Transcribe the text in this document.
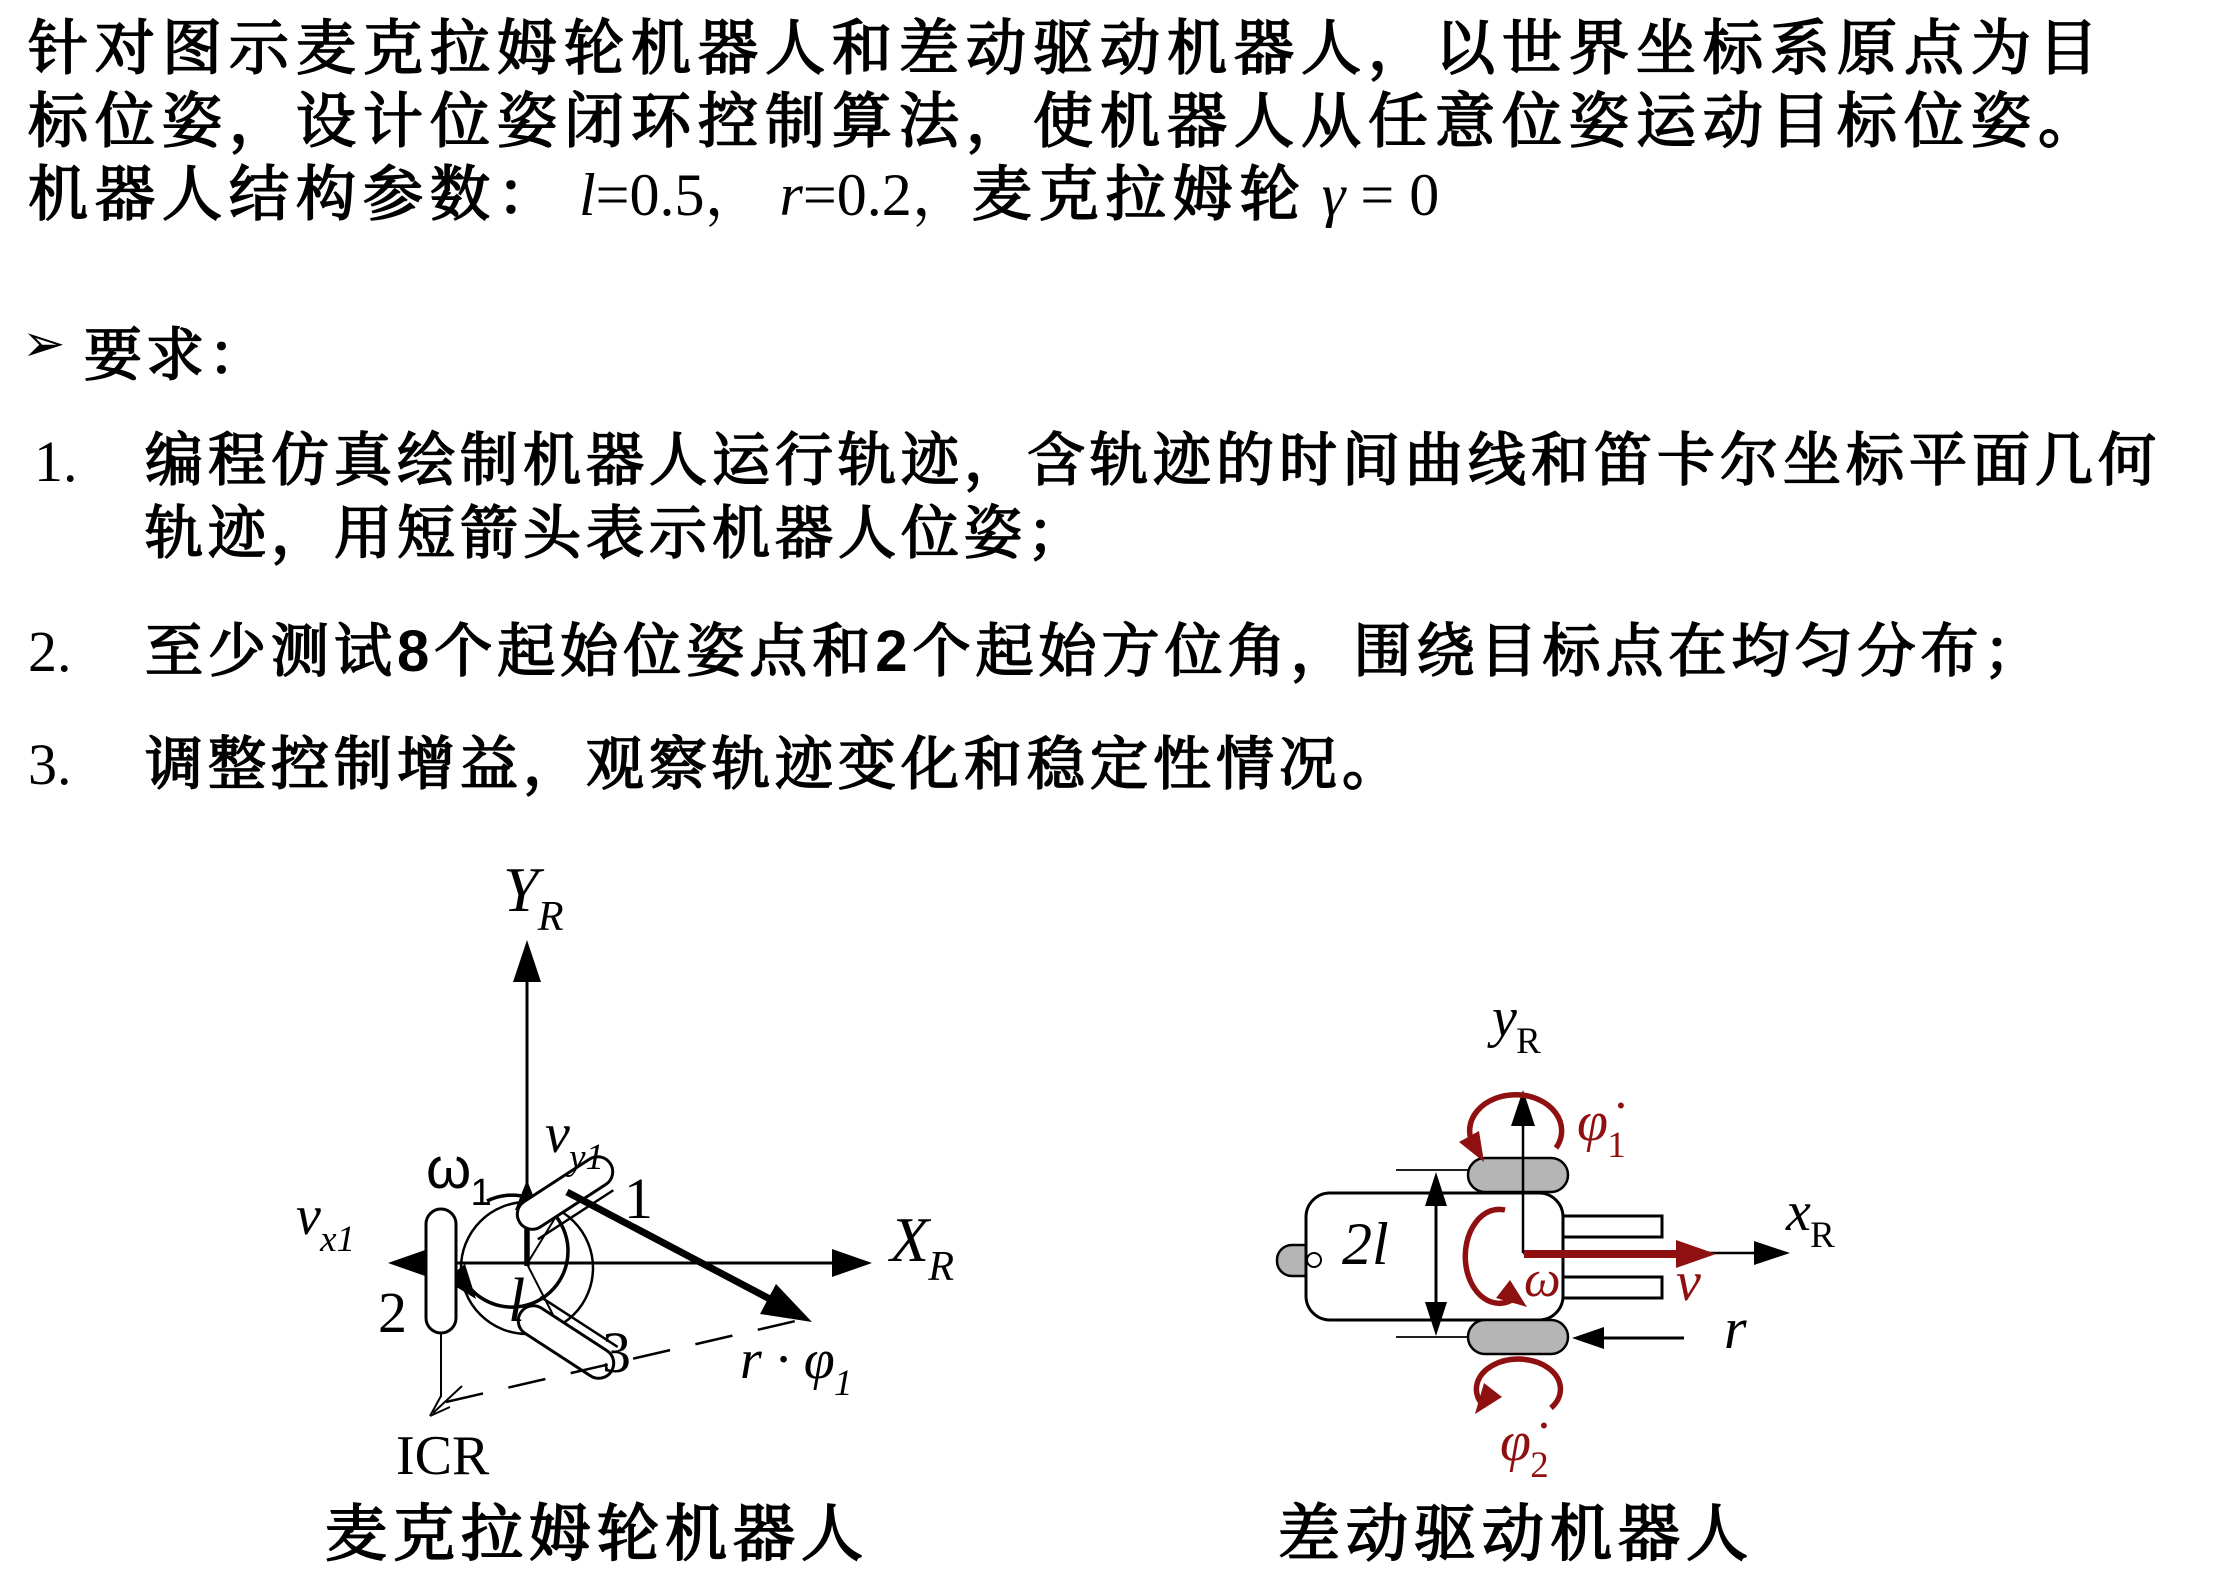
针对图示麦克拉姆轮机器人和差动驱动机器人，以世界坐标系原点为目
标位姿，设计位姿闭环控制算法，使机器人从任意位姿运动目标位姿。
机器人结构参数： l=0.5， r=0.2，麦克拉姆轮 γ = 0
➢ 要求：
1. 编程仿真绘制机器人运行轨迹，含轨迹的时间曲线和笛卡尔坐标平面几何轨迹，用短箭头表示机器人位姿；
2. 至少测试8个起始位姿点和2个起始方位角，围绕目标点在均匀分布；
3. 调整控制增益，观察轨迹变化和稳定性情况。
$Y_R$
$X_R$
$v_{y1}$
$\omega_1$
$v_{x1}$
1
2
3
l
$r \cdot \varphi_1$
ICR
麦克拉姆轮机器人
$y_R$
$x_R$
$\varphi̇_1$
$\varphi̇_2$
ω v
r
2l
差动驱动机器人
